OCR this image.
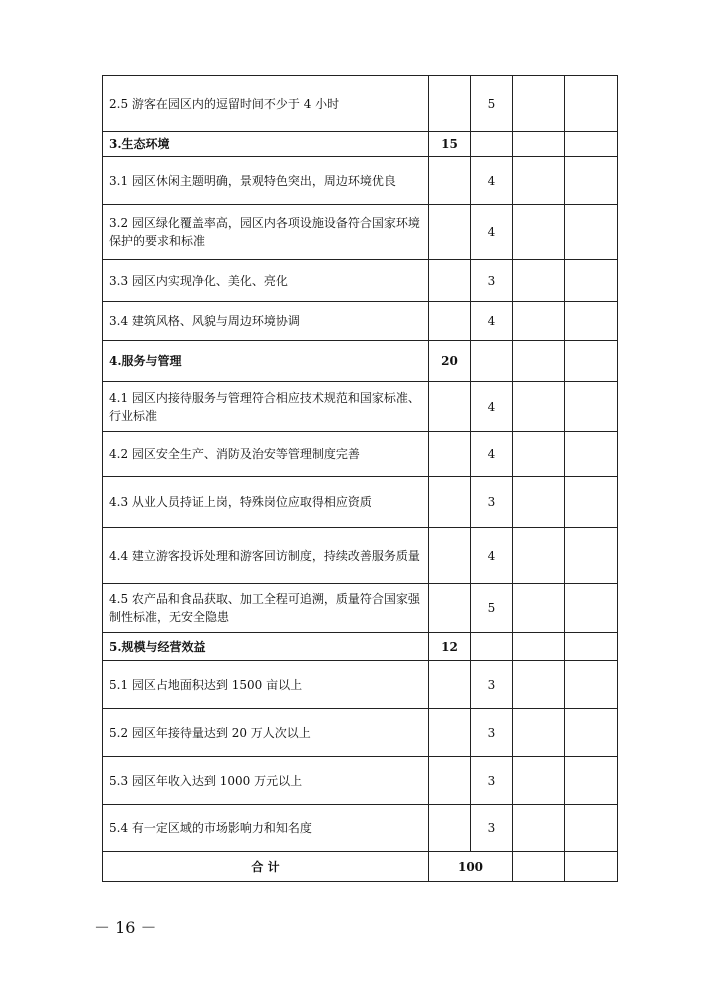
2.5 游客在园区内的逗留时间不少于 4 小时		5		
3.生态环境	15			
3.1 园区休闲主题明确，景观特色突出，周边环境优良		4		
3.2 园区绿化覆盖率高，园区内各项设施设备符合国家环境保护的要求和标准		4		
3.3 园区内实现净化、美化、亮化		3		
3.4 建筑风格、风貌与周边环境协调		4		
4.服务与管理	20			
4.1 园区内接待服务与管理符合相应技术规范和国家标准、行业标准		4		
4.2 园区安全生产、消防及治安等管理制度完善		4		
4.3 从业人员持证上岗，特殊岗位应取得相应资质		3		
4.4 建立游客投诉处理和游客回访制度，持续改善服务质量		4		
4.5 农产品和食品获取、加工全程可追溯，质量符合国家强制性标准，无安全隐患		5		
5.规模与经营效益	12			
5.1 园区占地面积达到 1500 亩以上		3		
5.2 园区年接待量达到 20 万人次以上		3		
5.3 园区年收入达到 1000 万元以上		3		
5.4 有一定区域的市场影响力和知名度		3		
合 计	100			
－ 16 －
